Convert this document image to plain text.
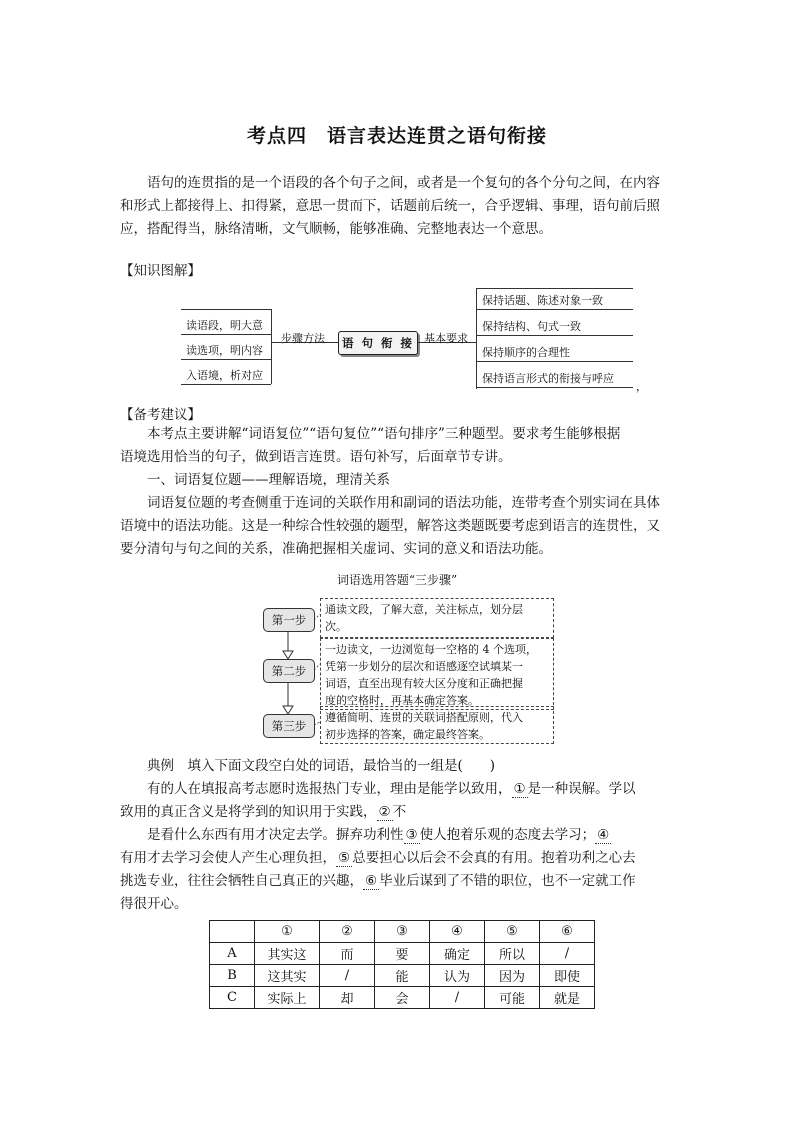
考点四　语言表达连贯之语句衔接
语句的连贯指的是一个语段的各个句子之间，或者是一个复句的各个分句之间，在内容
和形式上都接得上、扣得紧，意思一贯而下，话题前后统一，合乎逻辑、事理，语句前后照
应，搭配得当，脉络清晰，文气顺畅，能够准确、完整地表达一个意思。
【知识图解】
读语段，明大意
读选项，明内容
入语境，析对应
步骤方法	语 句 衔 接 基本要求
保持话题、陈述对象一致
保持结构、句式一致
保持顺序的合理性
保持语言形式的衔接与呼应
，
【备考建议】
本考点主要讲解“词语复位”“语句复位”“语句排序”三种题型。要求考生能够根据
语境选用恰当的句子，做到语言连贯。语句补写，后面章节专讲。
一、词语复位题——理解语境，理清关系
词语复位题的考查侧重于连词的关联作用和副词的语法功能，连带考查个别实词在具体
语境中的语法功能。这是一种综合性较强的题型，解答这类题既要考虑到语言的连贯性，又
要分清句与句之间的关系，准确把握相关虚词、实词的意义和语法功能。
词语选用答题“三步骤”
第一步
通读文段，了解大意，关注标点，划分层
次。
第二步
一边读文，一边浏览每一空格的 4 个选项，
凭第一步划分的层次和语感逐空试填某一
词语，直至出现有较大区分度和正确把握
度的空格时，再基本确定答案。
第三步
遵循简明、连贯的关联词搭配原则，代入
初步选择的答案，确定最终答案。
典例　填入下面文段空白处的词语，最恰当的一组是(　　)
有的人在填报高考志愿时选报热门专业，理由是能学以致用， ① 是一种误解。学以
致用的真正含义是将学到的知识用于实践， ② 不
是看什么东西有用才决定去学。摒弃功利性 ③ 使人抱着乐观的态度去学习； ④
有用才去学习会使人产生心理负担， ⑤ 总要担心以后会不会真的有用。抱着功利之心去
挑选专业，往往会牺牲自己真正的兴趣， ⑥ 毕业后谋到了不错的职位，也不一定就工作
得很开心。
	①	②	③	④	⑤	⑥
A	其实这	而	要	确定	所以	/
B	这其实	/	能	认为	因为	即使
C	实际上	却	会	/	可能	就是
